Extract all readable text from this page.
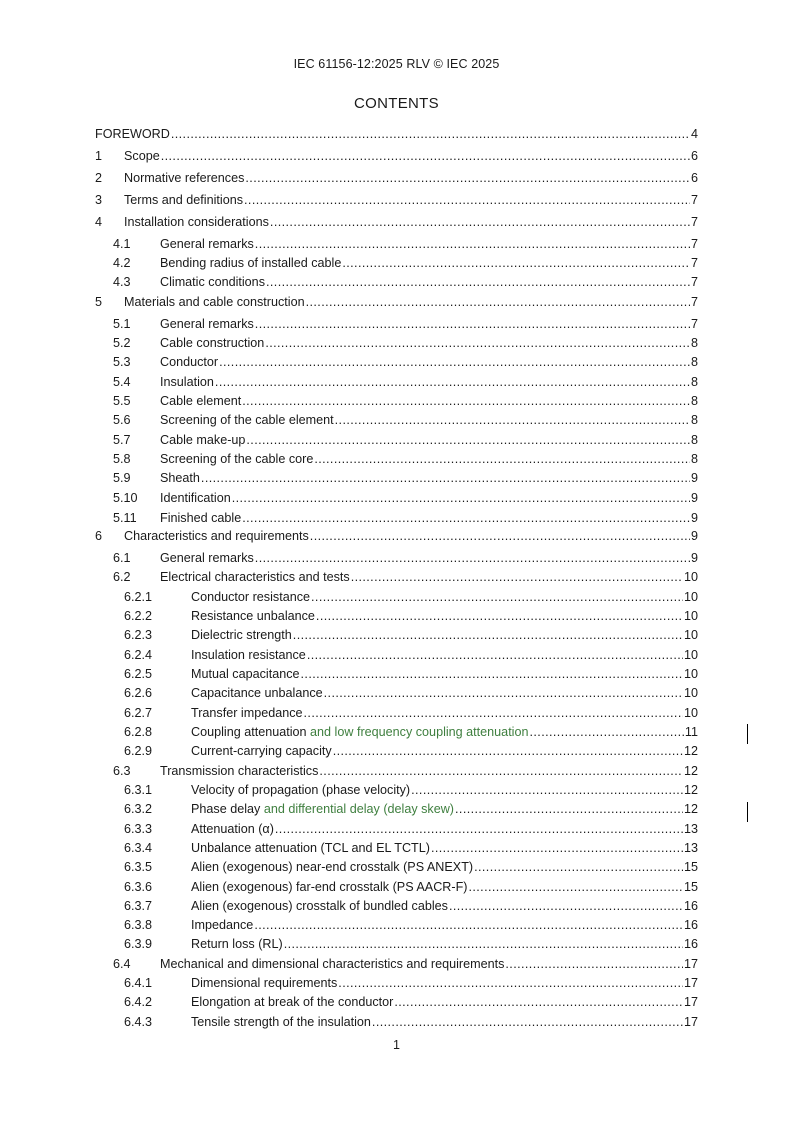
IEC 61156-12:2025 RLV © IEC 2025
CONTENTS
FOREWORD .....	4
1	Scope .....	6
2	Normative references .....	6
3	Terms and definitions .....	7
4	Installation considerations .....	7
4.1	General remarks .....	7
4.2	Bending radius of installed cable .....	7
4.3	Climatic conditions .....	7
5	Materials and cable construction .....	7
5.1	General remarks .....	7
5.2	Cable construction .....	8
5.3	Conductor .....	8
5.4	Insulation .....	8
5.5	Cable element .....	8
5.6	Screening of the cable element .....	8
5.7	Cable make-up .....	8
5.8	Screening of the cable core .....	8
5.9	Sheath .....	9
5.10	Identification .....	9
5.11	Finished cable .....	9
6	Characteristics and requirements .....	9
6.1	General remarks .....	9
6.2	Electrical characteristics and tests .....	10
6.2.1	Conductor resistance .....	10
6.2.2	Resistance unbalance .....	10
6.2.3	Dielectric strength .....	10
6.2.4	Insulation resistance .....	10
6.2.5	Mutual capacitance .....	10
6.2.6	Capacitance unbalance .....	10
6.2.7	Transfer impedance .....	10
6.2.8	Coupling attenuation and low frequency coupling attenuation .....	11
6.2.9	Current-carrying capacity .....	12
6.3	Transmission characteristics .....	12
6.3.1	Velocity of propagation (phase velocity) .....	12
6.3.2	Phase delay and differential delay (delay skew) .....	12
6.3.3	Attenuation (α) .....	13
6.3.4	Unbalance attenuation (TCL and EL TCTL) .....	13
6.3.5	Alien (exogenous) near-end crosstalk (PS ANEXT) .....	15
6.3.6	Alien (exogenous) far-end crosstalk (PS AACR-F) .....	15
6.3.7	Alien (exogenous) crosstalk of bundled cables .....	16
6.3.8	Impedance .....	16
6.3.9	Return loss (RL) .....	16
6.4	Mechanical and dimensional characteristics and requirements .....	17
6.4.1	Dimensional requirements .....	17
6.4.2	Elongation at break of the conductor .....	17
6.4.3	Tensile strength of the insulation .....	17
1
